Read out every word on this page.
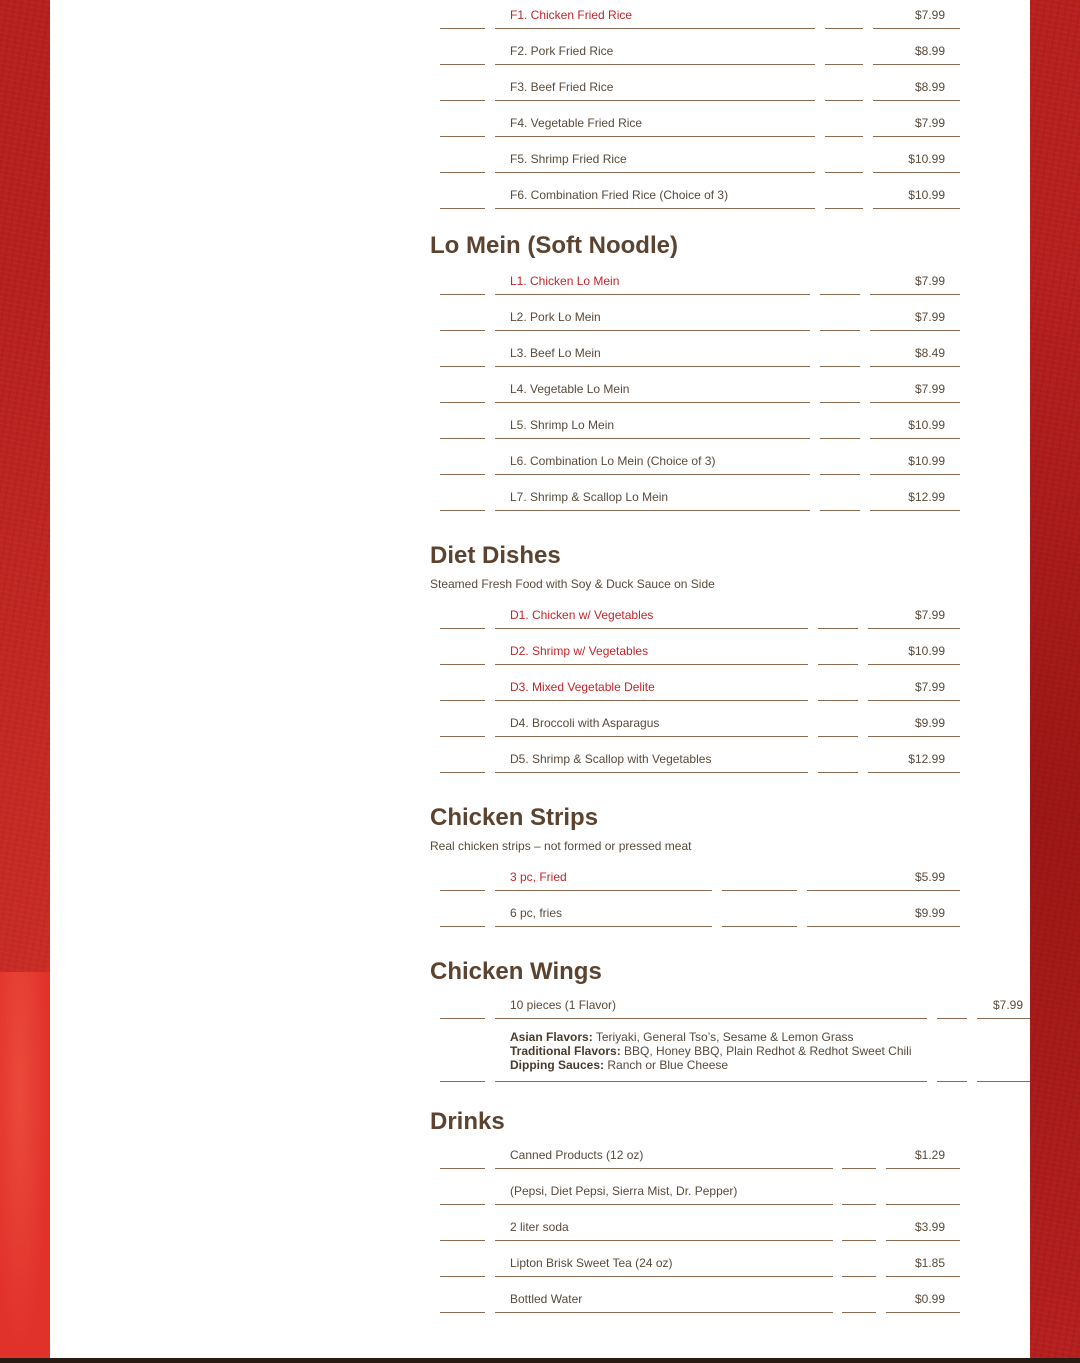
F1. Chicken Fried Rice	$7.99
F2. Pork Fried Rice	$8.99
F3. Beef Fried Rice	$8.99
F4. Vegetable Fried Rice	$7.99
F5. Shrimp Fried Rice	$10.99
F6. Combination Fried Rice (Choice of 3)	$10.99
Lo Mein (Soft Noodle)
L1. Chicken Lo Mein	$7.99
L2. Pork Lo Mein	$7.99
L3. Beef Lo Mein	$8.49
L4. Vegetable Lo Mein	$7.99
L5. Shrimp Lo Mein	$10.99
L6. Combination Lo Mein (Choice of 3)	$10.99
L7. Shrimp & Scallop Lo Mein	$12.99
Diet Dishes
Steamed Fresh Food with Soy & Duck Sauce on Side
D1. Chicken w/ Vegetables	$7.99
D2. Shrimp w/ Vegetables	$10.99
D3. Mixed Vegetable Delite	$7.99
D4. Broccoli with Asparagus	$9.99
D5. Shrimp & Scallop with Vegetables	$12.99
Chicken Strips
Real chicken strips – not formed or pressed meat
3 pc, Fried	$5.99
6 pc, fries	$9.99
Chicken Wings
10 pieces (1 Flavor)	$7.99
Asian Flavors: Teriyaki, General Tso’s, Sesame & Lemon Grass
Traditional Flavors: BBQ, Honey BBQ, Plain Redhot & Redhot Sweet Chili
Dipping Sauces: Ranch or Blue Cheese
Drinks
Canned Products (12 oz)	$1.29
(Pepsi, Diet Pepsi, Sierra Mist, Dr. Pepper)
2 liter soda	$3.99
Lipton Brisk Sweet Tea (24 oz)	$1.85
Bottled Water	$0.99
